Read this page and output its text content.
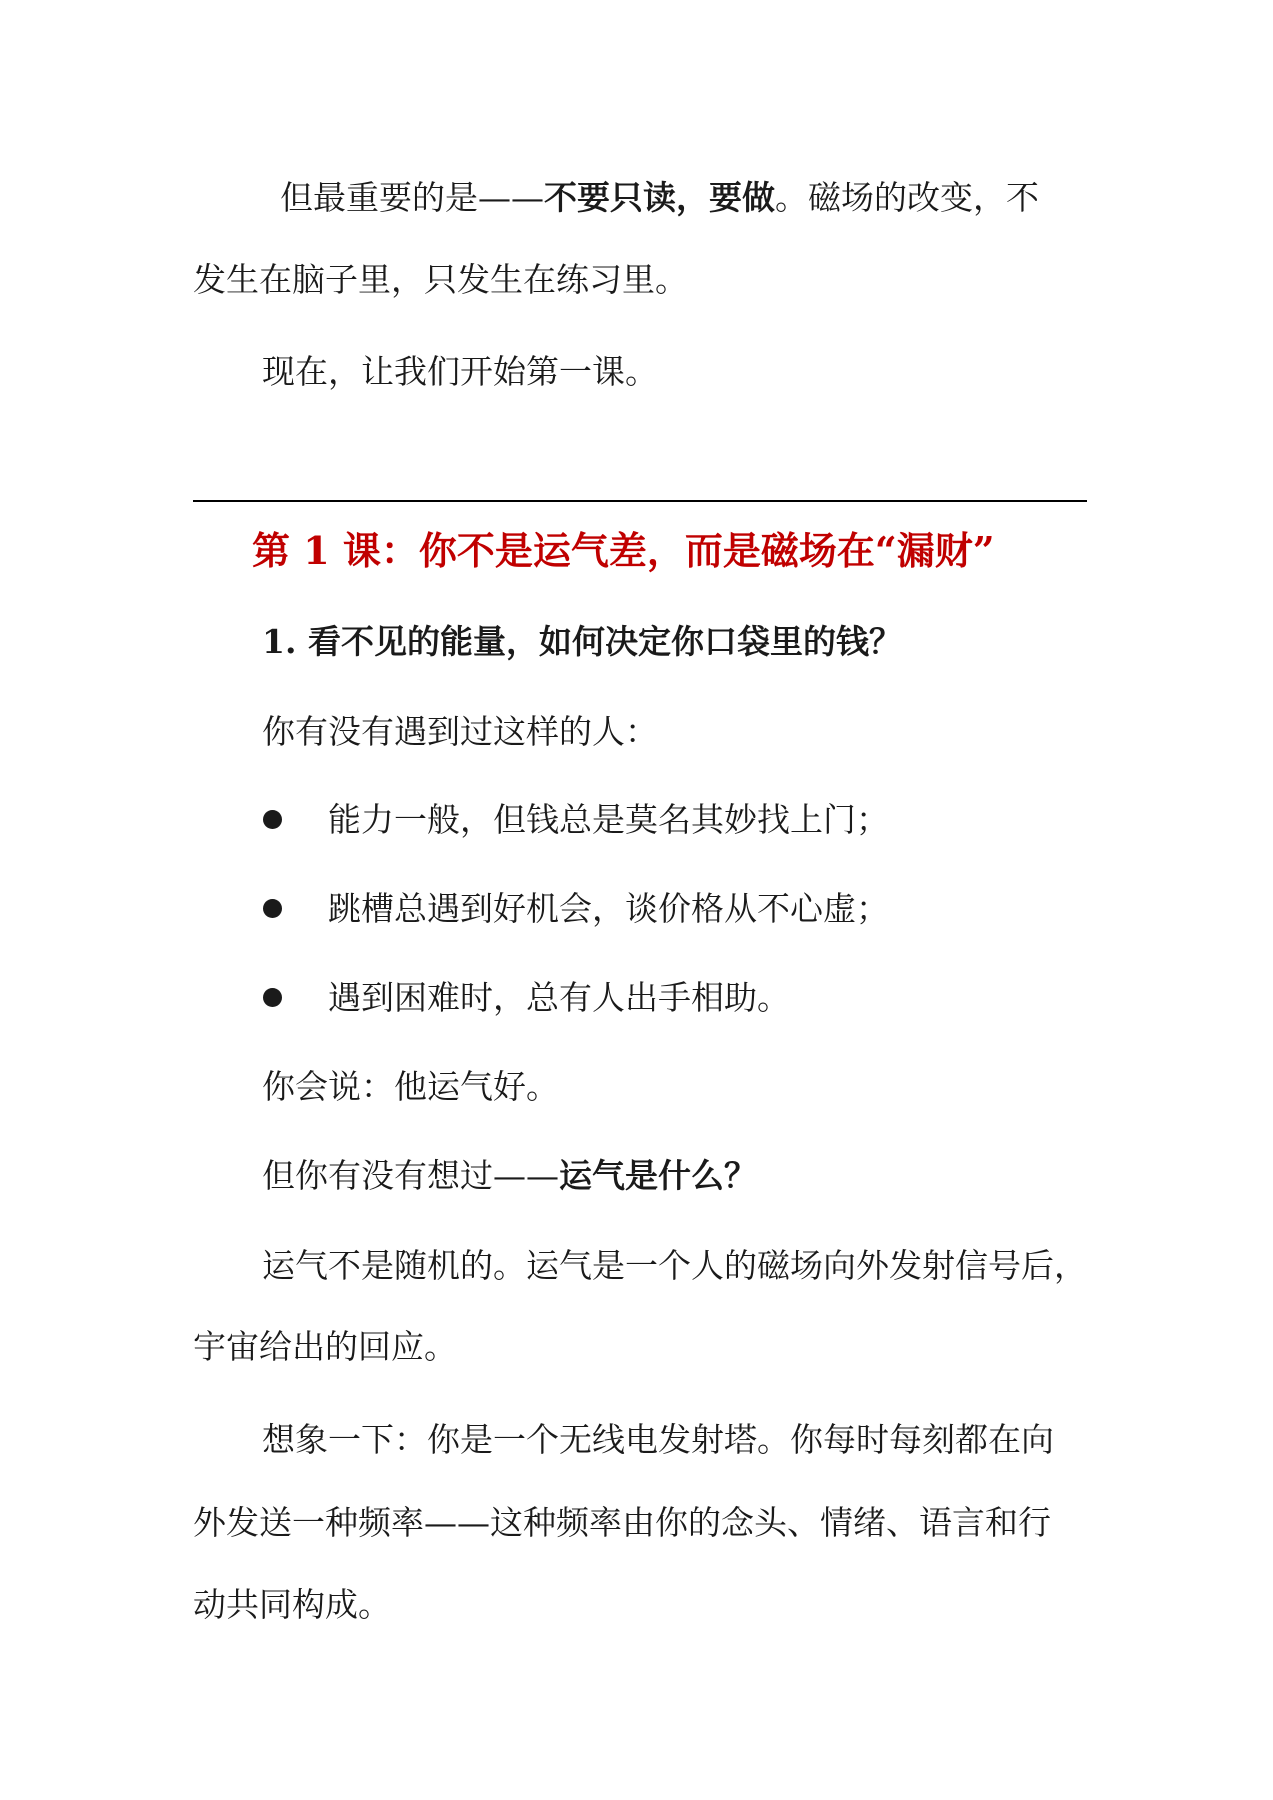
但最重要的是——不要只读，要做。磁场的改变，不
发生在脑子里，只发生在练习里。
现在，让我们开始第一课。
第 1 课：你不是运气差，而是磁场在“漏财”
1. 看不见的能量，如何决定你口袋里的钱？
你有没有遇到过这样的人：
能力一般，但钱总是莫名其妙找上门；
跳槽总遇到好机会，谈价格从不心虚；
遇到困难时，总有人出手相助。
你会说：他运气好。
但你有没有想过——运气是什么？
运气不是随机的。运气是一个人的磁场向外发射信号后，
宇宙给出的回应。
想象一下：你是一个无线电发射塔。你每时每刻都在向
外发送一种频率——这种频率由你的念头、情绪、语言和行
动共同构成。
